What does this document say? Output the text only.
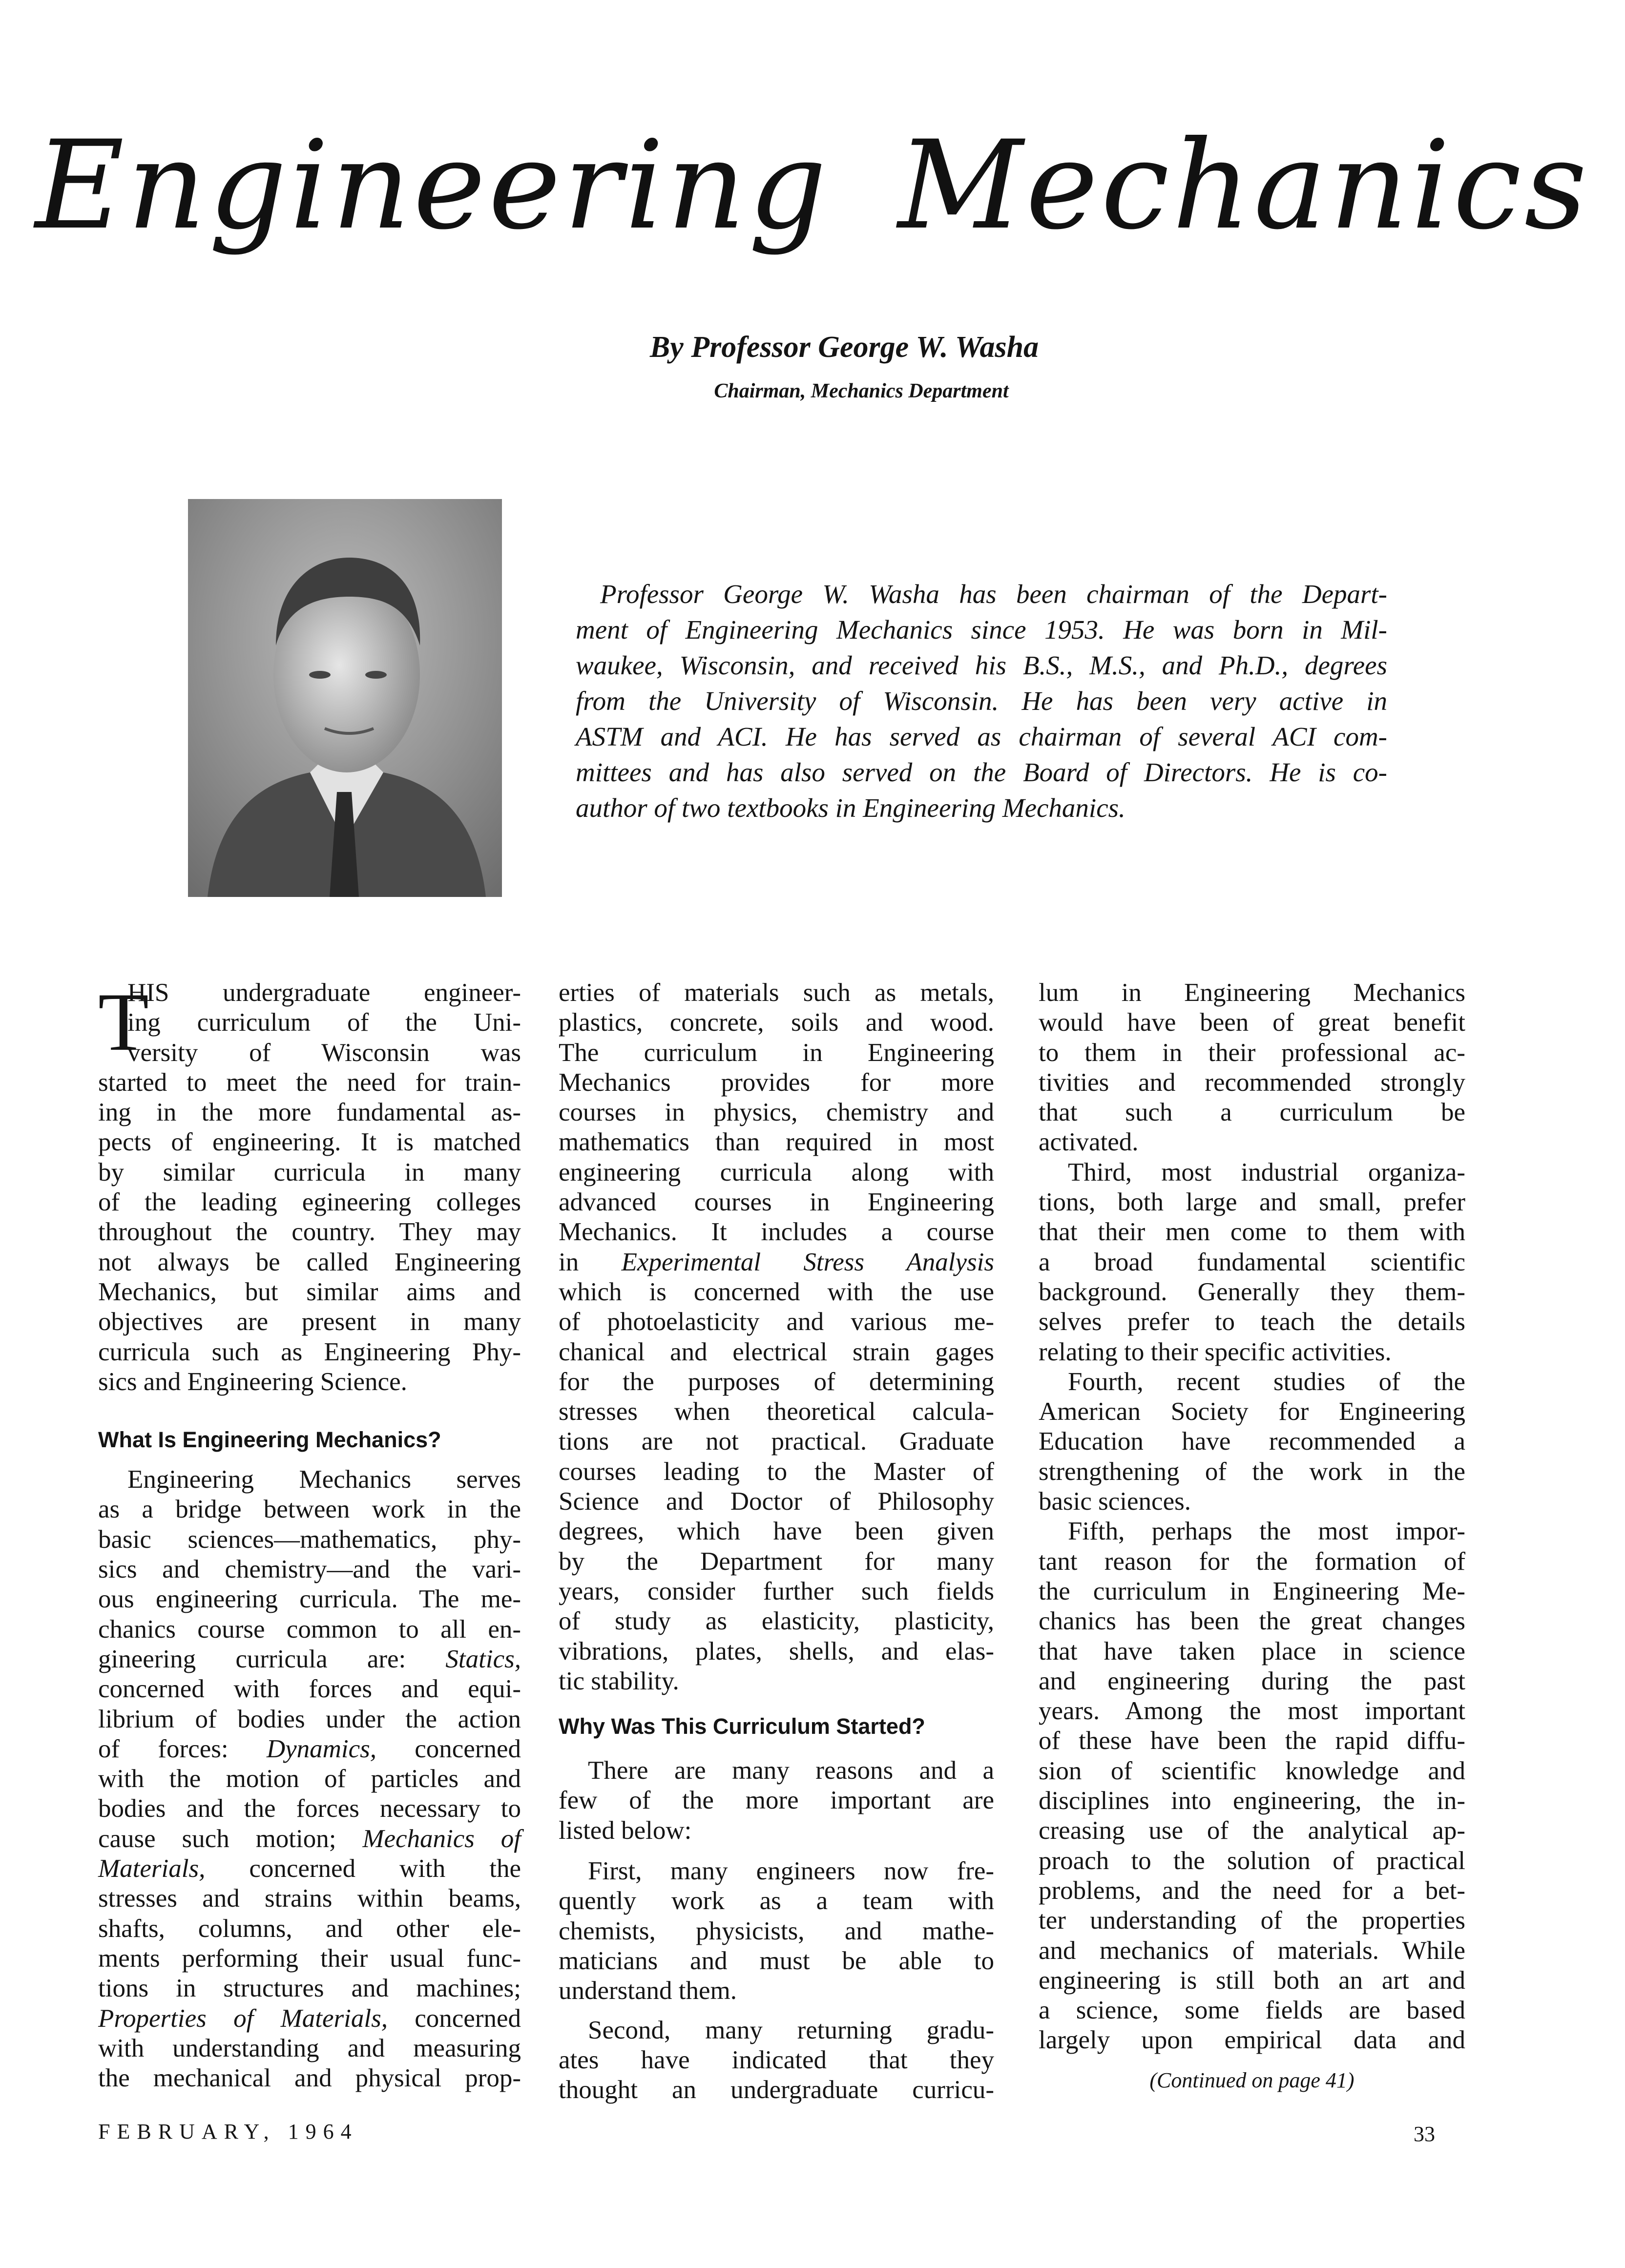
Engineering Mechanics
By Professor George W. Washa
Chairman, Mechanics Department
Professor George W. Washa has been chairman of the Depart-
ment of Engineering Mechanics since 1953. He was born in Mil-
waukee, Wisconsin, and received his B.S., M.S., and Ph.D., degrees
from the University of Wisconsin. He has been very active in
ASTM and ACI. He has served as chairman of several ACI com-
mittees and has also served on the Board of Directors. He is co-
author of two textbooks in Engineering Mechanics.
T
HIS undergraduate engineer-
ing curriculum of the Uni-
versity of Wisconsin was
started to meet the need for train-
ing in the more fundamental as-
pects of engineering. It is matched
by similar curricula in many
of the leading egineering colleges
throughout the country. They may
not always be called Engineering
Mechanics, but similar aims and
objectives are present in many
curricula such as Engineering Phy-
sics and Engineering Science.
What Is Engineering Mechanics?
Engineering Mechanics serves
as a bridge between work in the
basic sciences—mathematics, phy-
sics and chemistry—and the vari-
ous engineering curricula. The me-
chanics course common to all en-
gineering curricula are: Statics,
concerned with forces and equi-
librium of bodies under the action
of forces: Dynamics, concerned
with the motion of particles and
bodies and the forces necessary to
cause such motion; Mechanics of
Materials, concerned with the
stresses and strains within beams,
shafts, columns, and other ele-
ments performing their usual func-
tions in structures and machines;
Properties of Materials, concerned
with understanding and measuring
the mechanical and physical prop-
erties of materials such as metals,
plastics, concrete, soils and wood.
The curriculum in Engineering
Mechanics provides for more
courses in physics, chemistry and
mathematics than required in most
engineering curricula along with
advanced courses in Engineering
Mechanics. It includes a course
in Experimental Stress Analysis
which is concerned with the use
of photoelasticity and various me-
chanical and electrical strain gages
for the purposes of determining
stresses when theoretical calcula-
tions are not practical. Graduate
courses leading to the Master of
Science and Doctor of Philosophy
degrees, which have been given
by the Department for many
years, consider further such fields
of study as elasticity, plasticity,
vibrations, plates, shells, and elas-
tic stability.
Why Was This Curriculum Started?
There are many reasons and a
few of the more important are
listed below:
First, many engineers now fre-
quently work as a team with
chemists, physicists, and mathe-
maticians and must be able to
understand them.
Second, many returning gradu-
ates have indicated that they
thought an undergraduate curricu-
lum in Engineering Mechanics
would have been of great benefit
to them in their professional ac-
tivities and recommended strongly
that such a curriculum be
activated.
Third, most industrial organiza-
tions, both large and small, prefer
that their men come to them with
a broad fundamental scientific
background. Generally they them-
selves prefer to teach the details
relating to their specific activities.
Fourth, recent studies of the
American Society for Engineering
Education have recommended a
strengthening of the work in the
basic sciences.
Fifth, perhaps the most impor-
tant reason for the formation of
the curriculum in Engineering Me-
chanics has been the great changes
that have taken place in science
and engineering during the past
years. Among the most important
of these have been the rapid diffu-
sion of scientific knowledge and
disciplines into engineering, the in-
creasing use of the analytical ap-
proach to the solution of practical
problems, and the need for a bet-
ter understanding of the properties
and mechanics of materials. While
engineering is still both an art and
a science, some fields are based
largely upon empirical data and
(Continued on page 41)
FEBRUARY, 1964	33
